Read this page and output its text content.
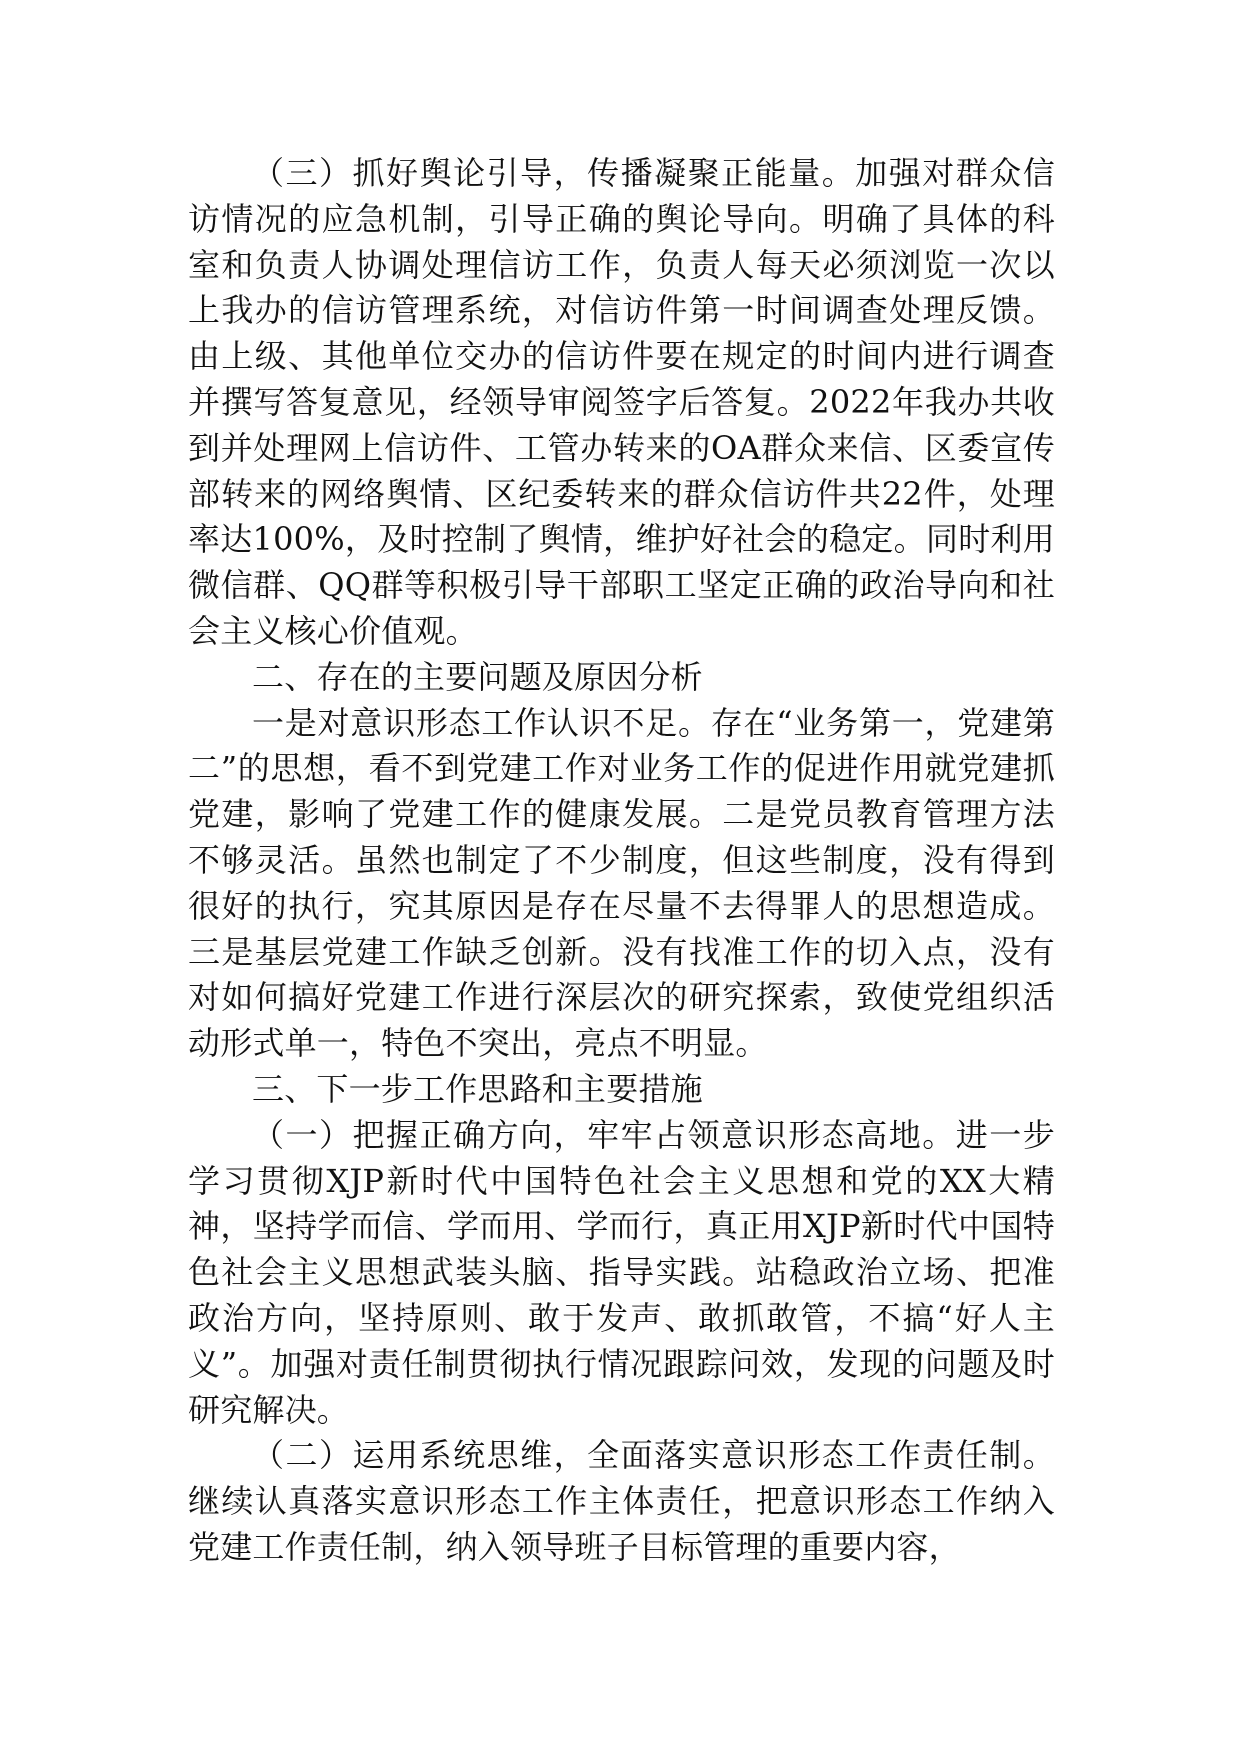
（三）抓好舆论引导，传播凝聚正能量。加强对群众信访情况的应急机制，引导正确的舆论导向。明确了具体的科室和负责人协调处理信访工作，负责人每天必须浏览一次以上我办的信访管理系统，对信访件第一时间调查处理反馈。由上级、其他单位交办的信访件要在规定的时间内进行调查并撰写答复意见，经领导审阅签字后答复。2022年我办共收到并处理网上信访件、工管办转来的OA群众来信、区委宣传部转来的网络舆情、区纪委转来的群众信访件共22件，处理率达100%，及时控制了舆情，维护好社会的稳定。同时利用微信群、QQ群等积极引导干部职工坚定正确的政治导向和社会主义核心价值观。

二、存在的主要问题及原因分析

一是对意识形态工作认识不足。存在“业务第一，党建第二”的思想，看不到党建工作对业务工作的促进作用就党建抓党建，影响了党建工作的健康发展。二是党员教育管理方法不够灵活。虽然也制定了不少制度，但这些制度，没有得到很好的执行，究其原因是存在尽量不去得罪人的思想造成。三是基层党建工作缺乏创新。没有找准工作的切入点，没有对如何搞好党建工作进行深层次的研究探索，致使党组织活动形式单一，特色不突出，亮点不明显。

三、下一步工作思路和主要措施

（一）把握正确方向，牢牢占领意识形态高地。进一步学习贯彻XJP新时代中国特色社会主义思想和党的XX大精神，坚持学而信、学而用、学而行，真正用XJP新时代中国特色社会主义思想武装头脑、指导实践。站稳政治立场、把准政治方向，坚持原则、敢于发声、敢抓敢管，不搞“好人主义”。加强对责任制贯彻执行情况跟踪问效，发现的问题及时研究解决。

（二）运用系统思维，全面落实意识形态工作责任制。继续认真落实意识形态工作主体责任，把意识形态工作纳入党建工作责任制，纳入领导班子目标管理的重要内容，
